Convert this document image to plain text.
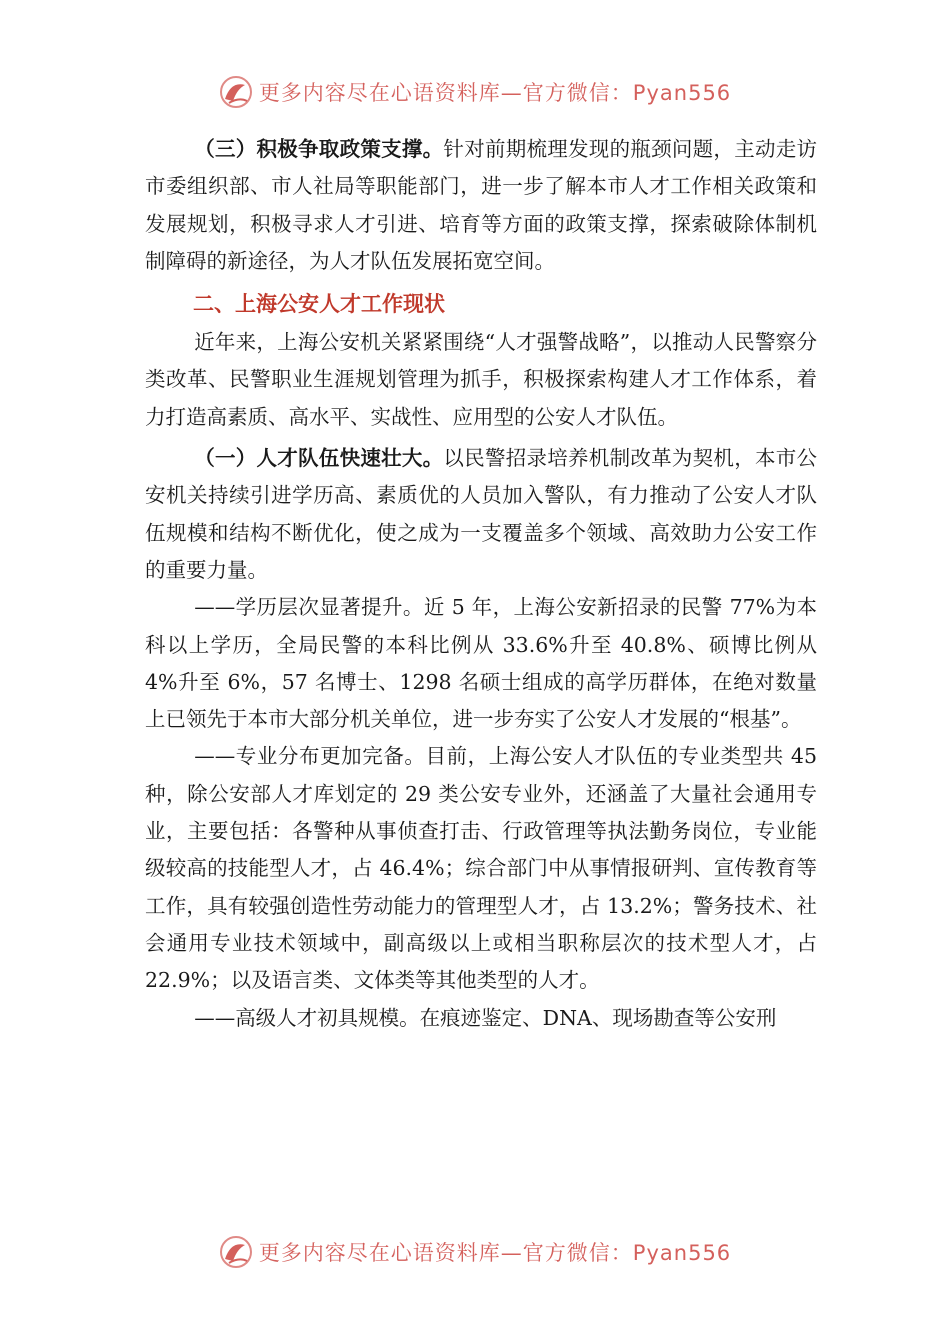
更多内容尽在心语资料库—官方微信：Pyan556

（三）积极争取政策支撑。针对前期梳理发现的瓶颈问题，主动走访市委组织部、市人社局等职能部门，进一步了解本市人才工作相关政策和发展规划，积极寻求人才引进、培育等方面的政策支撑，探索破除体制机制障碍的新途径，为人才队伍发展拓宽空间。

二、上海公安人才工作现状

近年来，上海公安机关紧紧围绕“人才强警战略”，以推动人民警察分类改革、民警职业生涯规划管理为抓手，积极探索构建人才工作体系，着力打造高素质、高水平、实战性、应用型的公安人才队伍。

（一）人才队伍快速壮大。以民警招录培养机制改革为契机，本市公安机关持续引进学历高、素质优的人员加入警队，有力推动了公安人才队伍规模和结构不断优化，使之成为一支覆盖多个领域、高效助力公安工作的重要力量。

——学历层次显著提升。近 5 年，上海公安新招录的民警 77%为本科以上学历，全局民警的本科比例从 33.6%升至 40.8%、硕博比例从 4%升至 6%，57 名博士、1298 名硕士组成的高学历群体，在绝对数量上已领先于本市大部分机关单位，进一步夯实了公安人才发展的“根基”。

——专业分布更加完备。目前，上海公安人才队伍的专业类型共 45 种，除公安部人才库划定的 29 类公安专业外，还涵盖了大量社会通用专业，主要包括：各警种从事侦查打击、行政管理等执法勤务岗位，专业能级较高的技能型人才，占 46.4%；综合部门中从事情报研判、宣传教育等工作，具有较强创造性劳动能力的管理型人才，占 13.2%；警务技术、社会通用专业技术领域中，副高级以上或相当职称层次的技术型人才，占 22.9%；以及语言类、文体类等其他类型的人才。

——高级人才初具规模。在痕迹鉴定、DNA、现场勘查等公安刑

更多内容尽在心语资料库—官方微信：Pyan556
